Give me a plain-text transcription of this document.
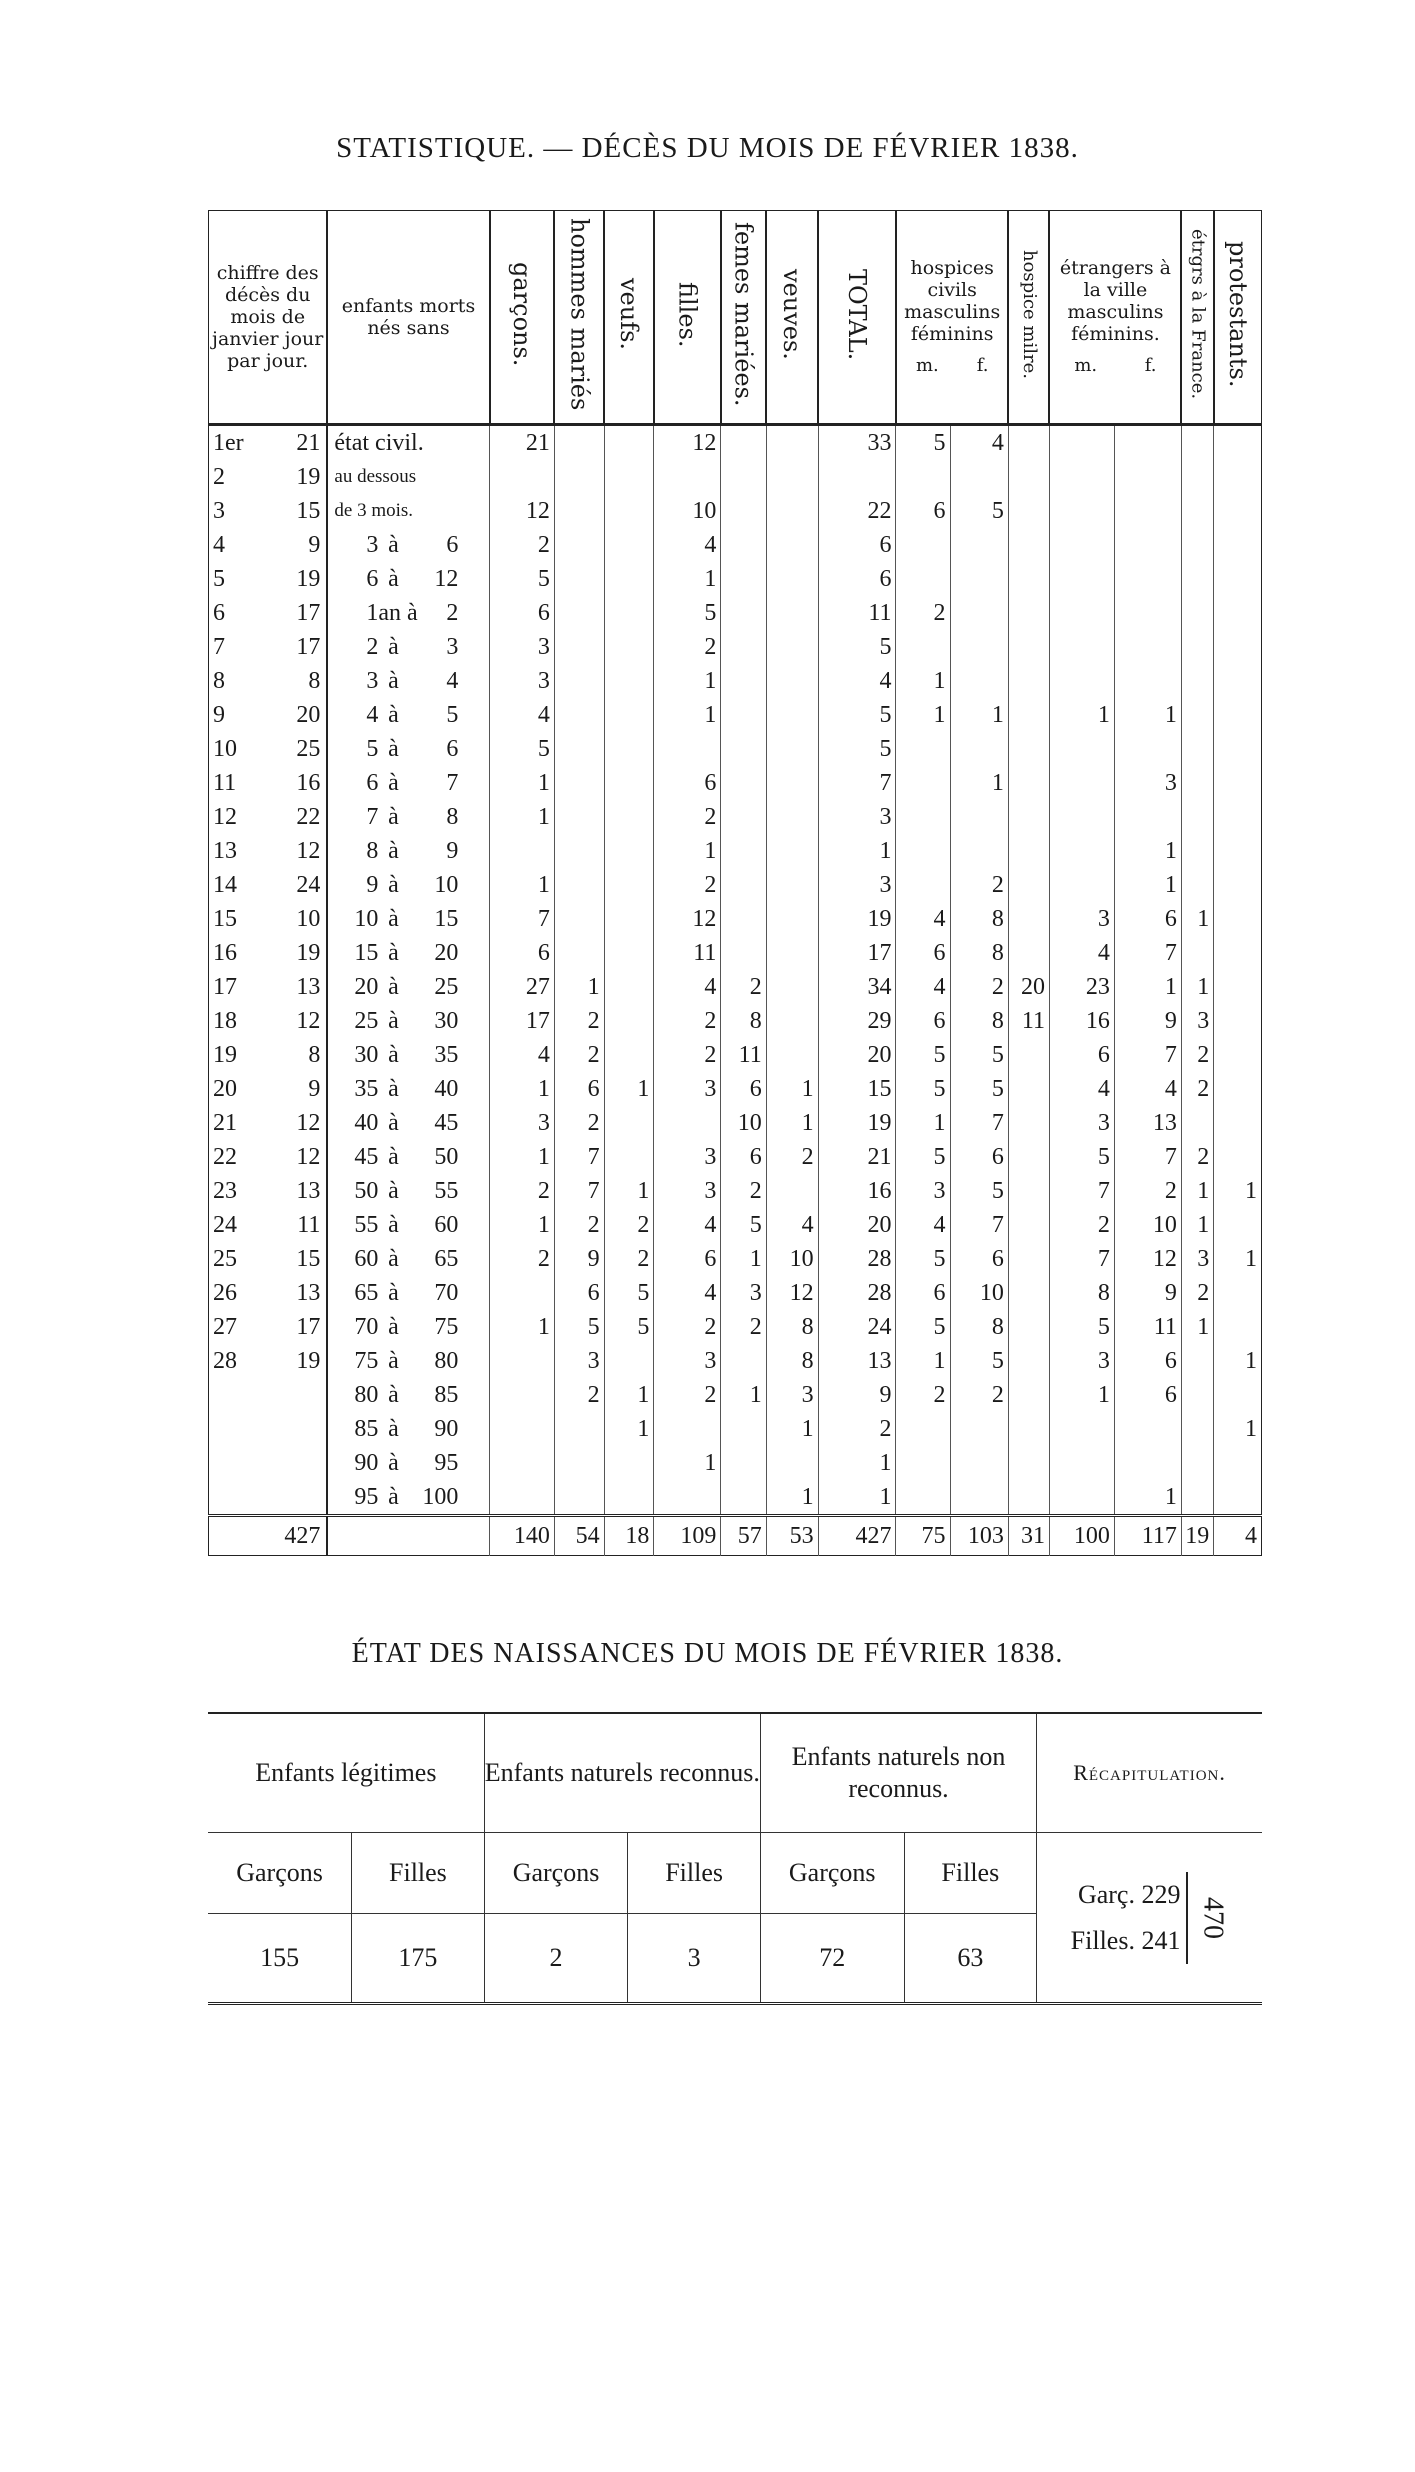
STATISTIQUE. — DÉCÈS DU MOIS DE FÉVRIER 1838.
chiffre des décès du mois de janvier jour par jour.		enfants morts nés sans	garçons.	hommes mariés	veufs.	filles.	femes mariées.	veuves.	TOTAL.	hospices civils masculins féminins
m. f.		hospice milre.	étrangers à la ville masculins féminins.
m. f.		étrgrs à la France.	protestants.
1er	21	état civil.	21			12			33	5	4					
2	19	au dessous														
3	15	de 3 mois.	12			10			22	6	5					
4	9	3 à 6	2			4			6							
5	19	6 à 12	5			1			6							
6	17	1an à 2	6			5			11	2						
7	17	2 à 3	3			2			5							
8	8	3 à 4	3			1			4	1						
9	20	4 à 5	4			1			5	1	1		1	1		
10	25	5 à 6	5						5							
11	16	6 à 7	1			6			7		1			3		
12	22	7 à 8	1			2			3							
13	12	8 à 9				1			1					1		
14	24	9 à 10	1			2			3		2			1		
15	10	10 à 15	7			12			19	4	8		3	6	1	
16	19	15 à 20	6			11			17	6	8		4	7		
17	13	20 à 25	27	1		4	2		34	4	2	20	23	1	1	
18	12	25 à 30	17	2		2	8		29	6	8	11	16	9	3	
19	8	30 à 35	4	2		2	11		20	5	5		6	7	2	
20	9	35 à 40	1	6	1	3	6	1	15	5	5		4	4	2	
21	12	40 à 45	3	2			10	1	19	1	7		3	13		
22	12	45 à 50	1	7		3	6	2	21	5	6		5	7	2	
23	13	50 à 55	2	7	1	3	2		16	3	5		7	2	1	1
24	11	55 à 60	1	2	2	4	5	4	20	4	7		2	10	1	
25	15	60 à 65	2	9	2	6	1	10	28	5	6		7	12	3	1
26	13	65 à 70		6	5	4	3	12	28	6	10		8	9	2	
27	17	70 à 75	1	5	5	2	2	8	24	5	8		5	11	1	
28	19	75 à 80		3		3		8	13	1	5		3	6		1
		80 à 85		2	1	2	1	3	9	2	2		1	6		
		85 à 90			1			1	2							1
		90 à 95				1			1							
		95 à 100						1	1					1		
	427		140	54	18	109	57	53	427	75	103	31	100	117	19	4
ÉTAT DES NAISSANCES DU MOIS DE FÉVRIER 1838.
Enfants légitimes		Enfants naturels reconnus.		Enfants naturels non reconnus.		Récapitulation.
Garçons	Filles	Garçons	Filles	Garçons	Filles	Garç. 229
Filles. 241
470

155	175	2	3	72	63	
